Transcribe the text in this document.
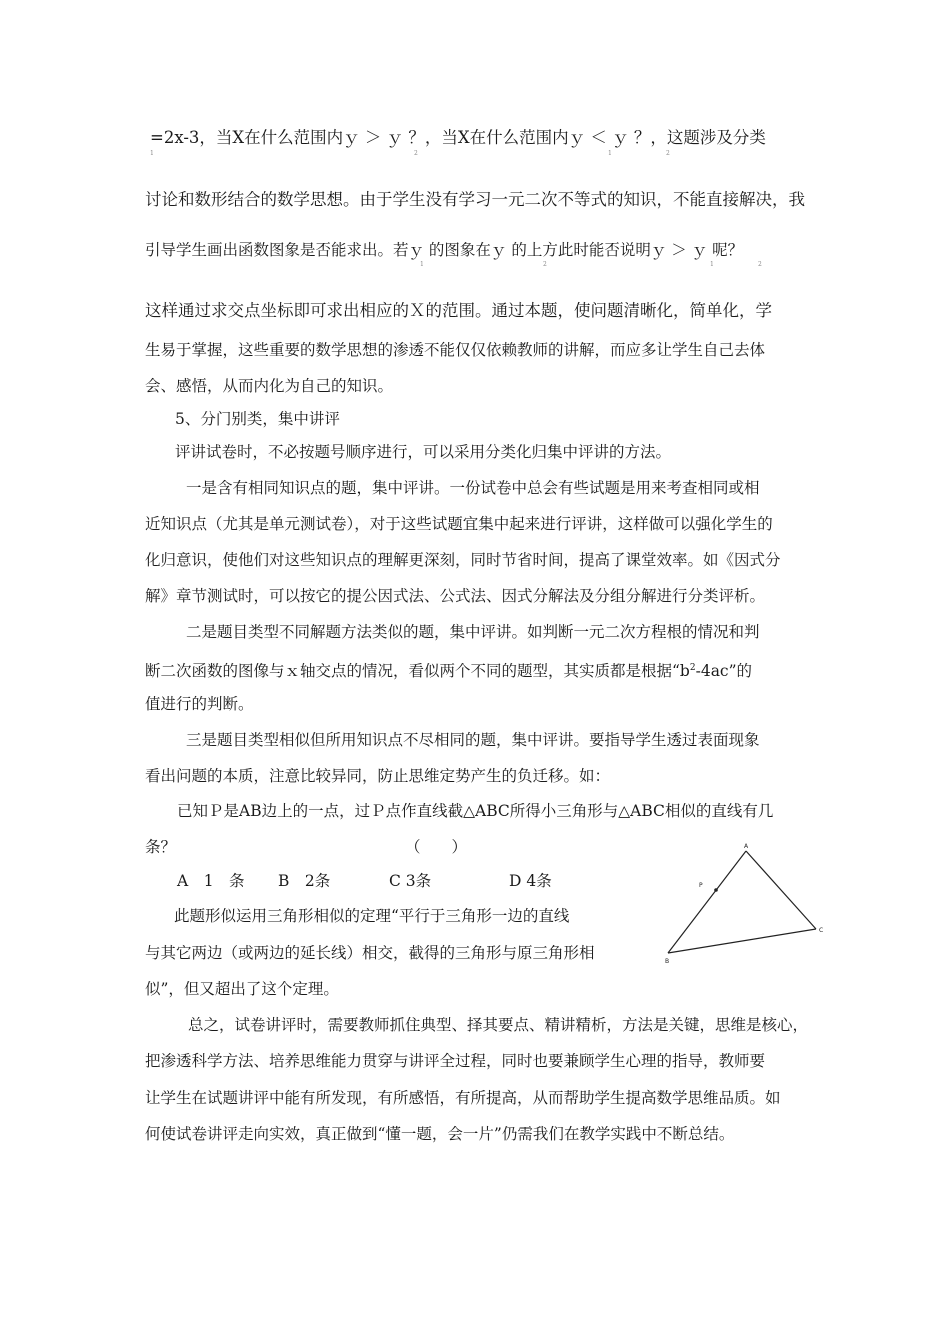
=2x-3，当Ⅹ在什么范围内ｙ ＞ ｙ ？，当Ⅹ在什么范围内ｙ ＜ ｙ ？，这题涉及分类
1	2	1	2
讨论和数形结合的数学思想。由于学生没有学习一元二次不等式的知识，不能直接解决，我
引导学生画出函数图象是否能求出。若ｙ 的图象在ｙ 的上方此时能否说明ｙ ＞ ｙ 呢？
1	2	1	2
这样通过求交点坐标即可求出相应的Ｘ的范围。通过本题，使问题清晰化，简单化，学
生易于掌握，这些重要的数学思想的渗透不能仅仅依赖教师的讲解，而应多让学生自己去体
会、感悟，从而内化为自己的知识。
5、分门别类，集中讲评
评讲试卷时，不必按题号顺序进行，可以采用分类化归集中评讲的方法。
一是含有相同知识点的题，集中评讲。一份试卷中总会有些试题是用来考查相同或相
近知识点（尤其是单元测试卷），对于这些试题宜集中起来进行评讲，这样做可以强化学生的
化归意识，使他们对这些知识点的理解更深刻，同时节省时间，提高了课堂效率。如《因式分
解》章节测试时，可以按它的提公因式法、公式法、因式分解法及分组分解进行分类评析。
二是题目类型不同解题方法类似的题，集中评讲。如判断一元二次方程根的情况和判
断二次函数的图像与ｘ轴交点的情况，看似两个不同的题型，其实质都是根据“$b^2-4ac$”的
值进行的判断。
三是题目类型相似但所用知识点不尽相同的题，集中评讲。要指导学生透过表面现象
看出问题的本质，注意比较异同，防止思维定势产生的负迁移。如：
已知Ｐ是AB边上的一点，过Ｐ点作直线截△ABC所得小三角形与△ABC相似的直线有几
条？	（　　）
A　1　条 B　2条	C 3条	D 4条
此题形似运用三角形相似的定理“平行于三角形一边的直线
与其它两边（或两边的延长线）相交，截得的三角形与原三角形相
似”，但又超出了这个定理。
A
B
C
P
总之，试卷讲评时，需要教师抓住典型、择其要点、精讲精析，方法是关键，思维是核心，
把渗透科学方法、培养思维能力贯穿与讲评全过程，同时也要兼顾学生心理的指导，教师要
让学生在试题讲评中能有所发现，有所感悟，有所提高，从而帮助学生提高数学思维品质。如
何使试卷讲评走向实效，真正做到“懂一题，会一片”仍需我们在教学实践中不断总结。
